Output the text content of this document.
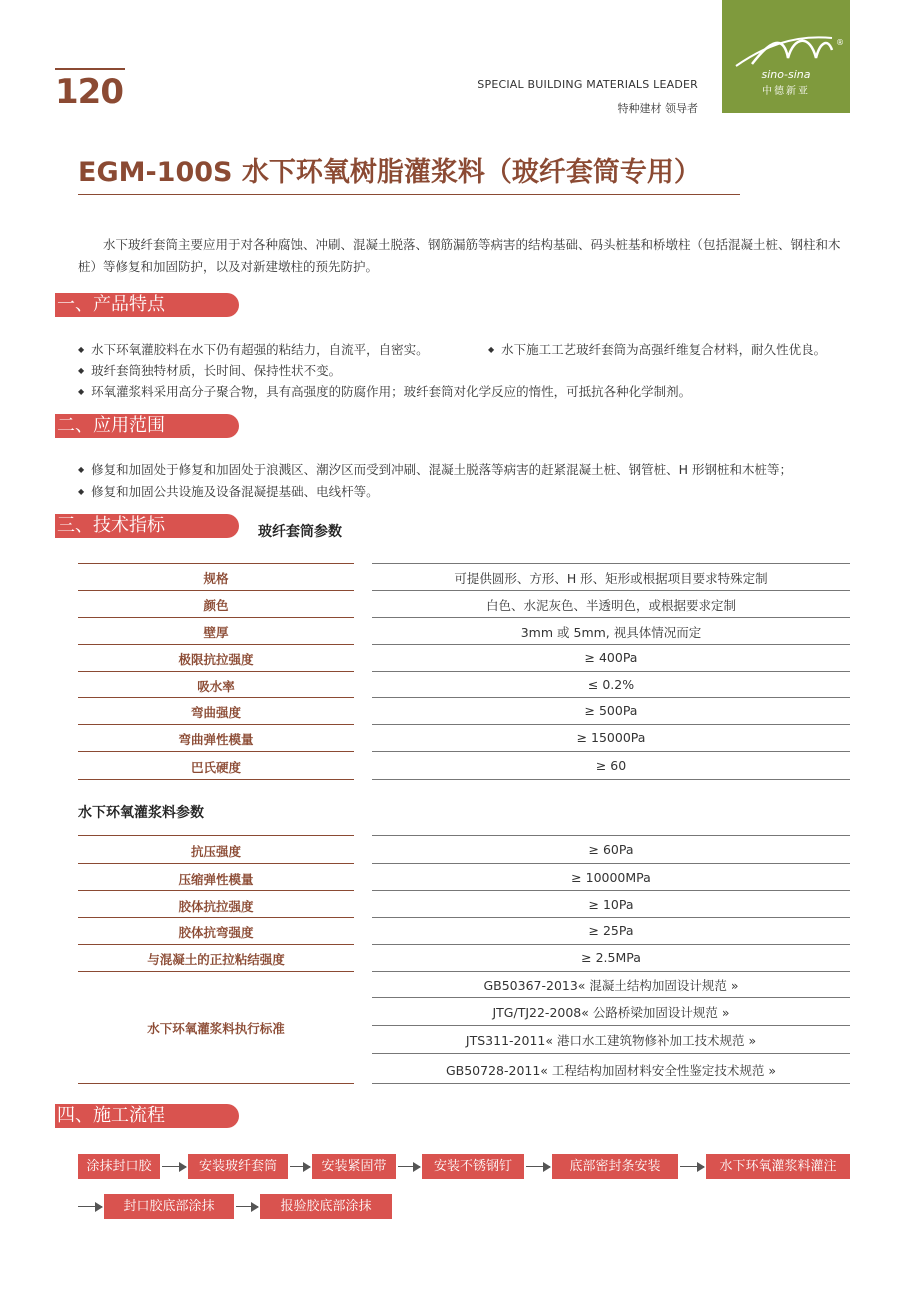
120	SPECIAL BUILDING MATERIALS LEADER
特种建材 领导者
®
sino-sina
中德新亚
EGM-100S 水下环氧树脂灌浆料（玻纤套筒专用）
水下玻纤套筒主要应用于对各种腐蚀、冲刷、混凝土脱落、钢筋漏筋等病害的结构基础、码头桩基和桥墩柱（包括混凝土桩、钢柱和木桩）等修复和加固防护，以及对新建墩柱的预先防护。
一、产品特点
◆ 水下环氧灌胶料在水下仍有超强的粘结力，自流平，自密实。
◆	水下施工工艺玻纤套筒为高强纤维复合材料，耐久性优良。
◆ 玻纤套筒独特材质，长时间、保持性状不变。
◆ 环氧灌浆料采用高分子聚合物，具有高强度的防腐作用；玻纤套筒对化学反应的惰性，可抵抗各种化学制剂。
二、应用范围
◆ 修复和加固处于修复和加固处于浪溅区、潮汐区而受到冲刷、混凝土脱落等病害的赶紧混凝土桩、钢管桩、H 形钢桩和木桩等；
◆ 修复和加固公共设施及设备混凝提基础、电线杆等。
三、技术指标	玻纤套筒参数
规格	可提供圆形、方形、H 形、矩形或根据项目要求特殊定制
颜色	白色、水泥灰色、半透明色，或根据要求定制
壁厚	3mm 或 5mm, 视具体情况而定
极限抗拉强度	≥ 400Pa
吸水率	≤ 0.2%
弯曲强度	≥ 500Pa
弯曲弹性模量	≥ 15000Pa
巴氏硬度	≥ 60
水下环氧灌浆料参数
抗压强度	≥ 60Pa
压缩弹性模量	≥ 10000MPa
胶体抗拉强度	≥ 10Pa
胶体抗弯强度	≥ 25Pa
与混凝土的正拉粘结强度	≥ 2.5MPa
水下环氧灌浆料执行标准
GB50367-2013« 混凝土结构加固设计规范 »
JTG/TJ22-2008« 公路桥梁加固设计规范 »
JTS311-2011« 港口水工建筑物修补加工技术规范 »
GB50728-2011« 工程结构加固材料安全性鉴定技术规范 »
四、施工流程
涂抹封口胶	安装玻纤套筒	安装紧固带	安装不锈钢钉	底部密封条安装	水下环氧灌浆料灌注
封口胶底部涂抹	报验胶底部涂抹
